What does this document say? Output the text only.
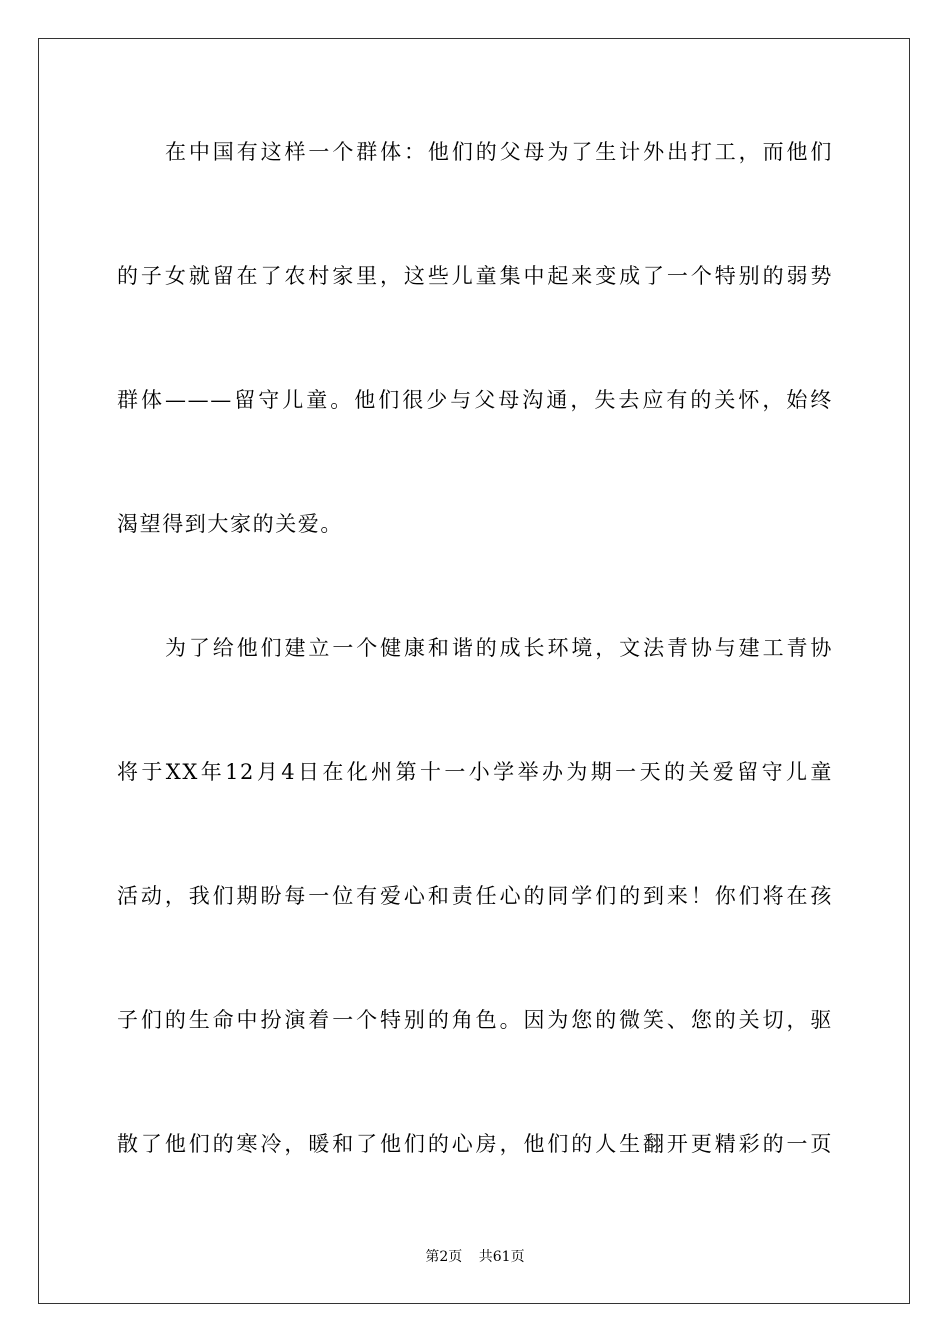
在中国有这样一个群体：他们的父母为了生计外出打工，而他们
的子女就留在了农村家里，这些儿童集中起来变成了一个特别的弱势
群体———留守儿童。他们很少与父母沟通，失去应有的关怀，始终
渴望得到大家的关爱。
为了给他们建立一个健康和谐的成长环境，文法青协与建工青协
将于XX年12月4日在化州第十一小学举办为期一天的关爱留守儿童
活动，我们期盼每一位有爱心和责任心的同学们的到来！你们将在孩
子们的生命中扮演着一个特别的角色。因为您的微笑、您的关切，驱
散了他们的寒冷，暖和了他们的心房，他们的人生翻开更精彩的一页
第2页 共61页
